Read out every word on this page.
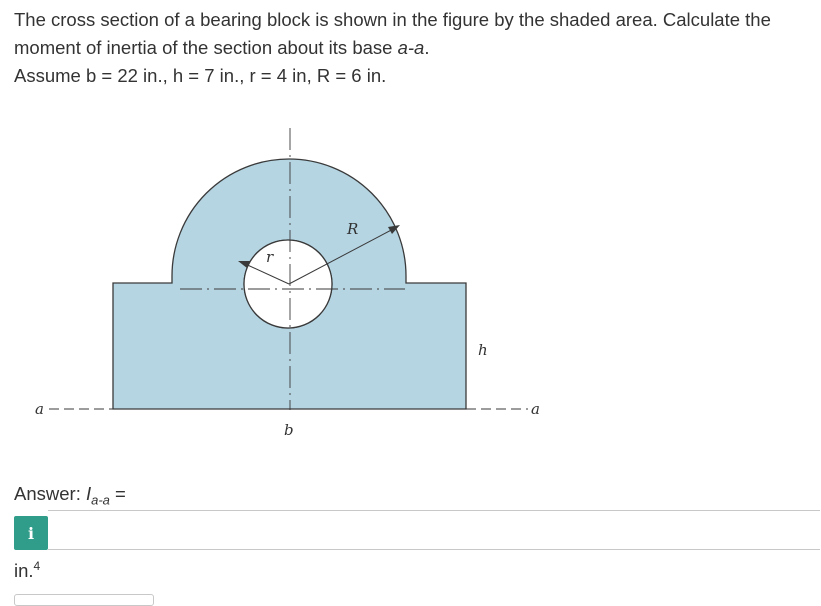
The cross section of a bearing block is shown in the figure by the shaded area. Calculate the

moment of inertia of the section about its base a-a.

Assume b = 22 in., h = 7 in., r = 4 in, R = 6 in.

r
R
h
b
a	a
Answer: $I_{a-a}$ =
i
in.$^4$
